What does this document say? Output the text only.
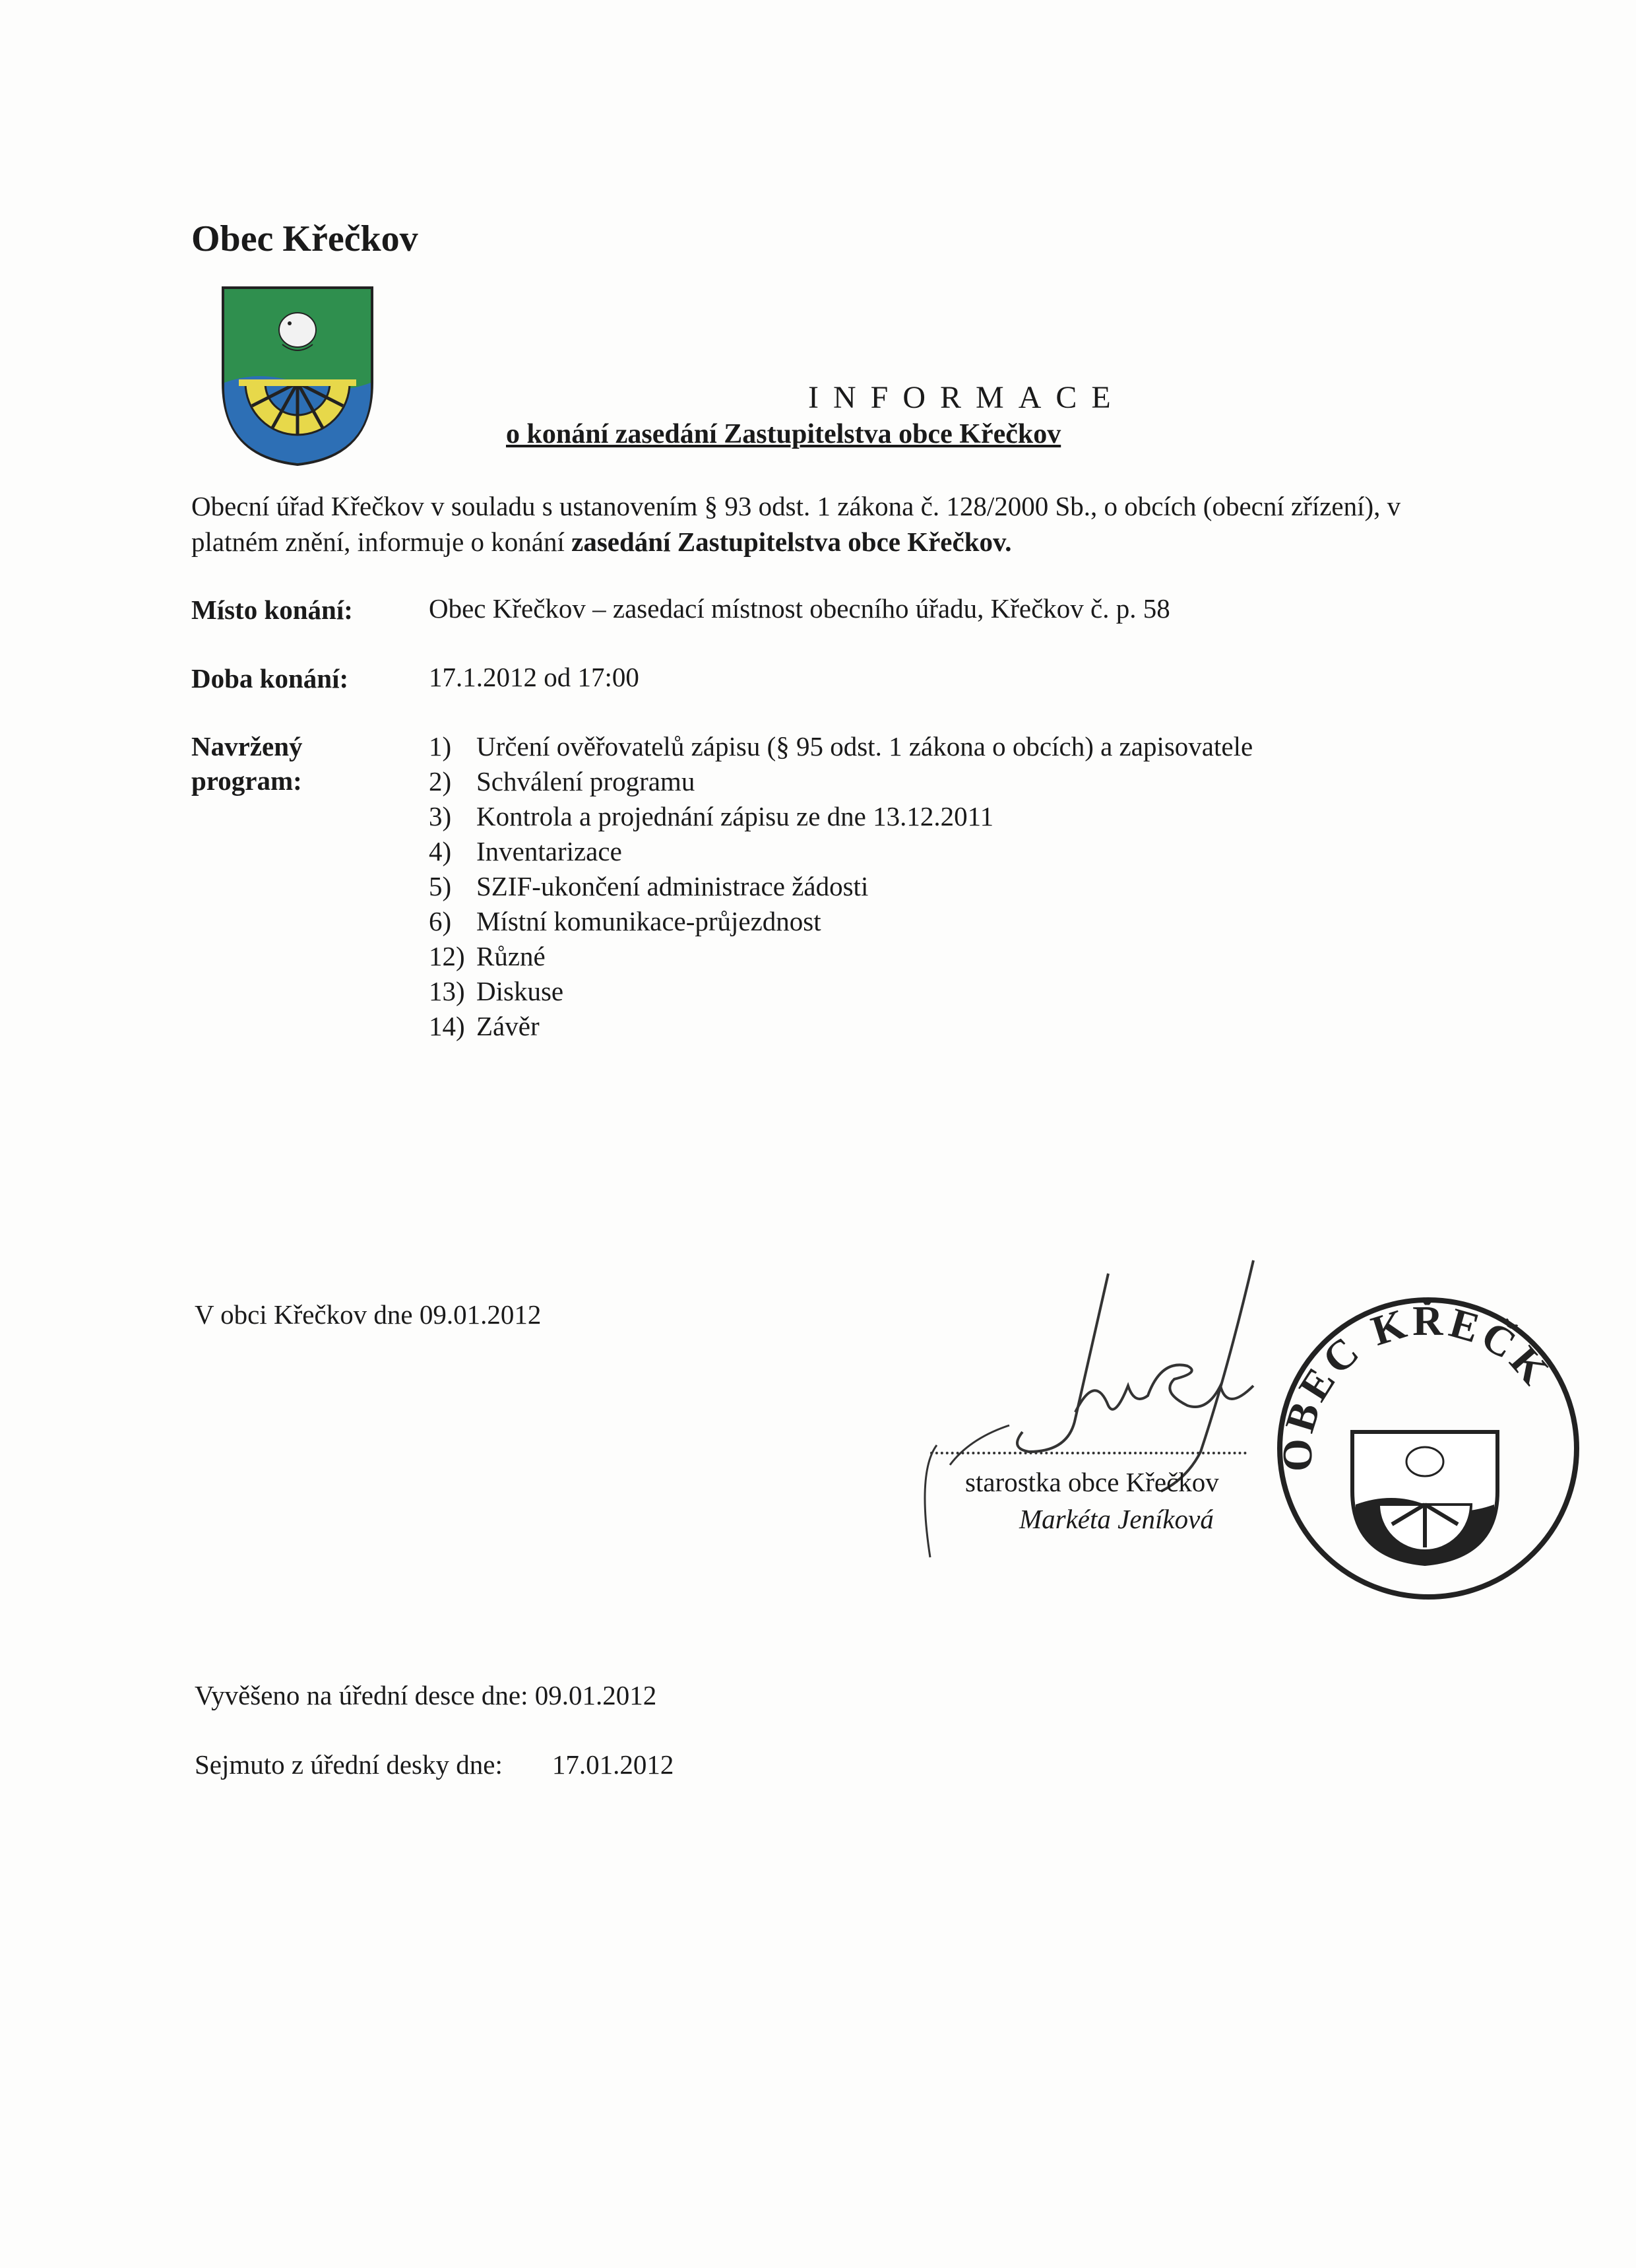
Obec Křečkov
INFORMACE
o konání zasedání Zastupitelstva obce Křečkov
Obecní úřad Křečkov v souladu s ustanovením § 93 odst. 1 zákona č. 128/2000 Sb., o obcích (obecní zřízení), v platném znění, informuje o konání zasedání Zastupitelstva obce Křečkov.
Místo konání:	Obec Křečkov – zasedací místnost obecního úřadu, Křečkov č. p. 58
Doba konání:	17.1.2012 od 17:00
Navržený
program:
1) Určení ověřovatelů zápisu (§ 95 odst. 1 zákona o obcích) a zapisovatele
2) Schválení programu
3) Kontrola a projednání zápisu ze dne 13.12.2011
4) Inventarizace
5) SZIF-ukončení administrace žádosti
6) Místní komunikace-průjezdnost
12) Různé
13) Diskuse
14) Závěr
V obci Křečkov dne 09.01.2012
starostka obce Křečkov
Markéta Jeníková
OBEC KŘEČK
Vyvěšeno na úřední desce dne: 09.01.2012
Sejmuto z úřední desky dne: 17.01.2012
